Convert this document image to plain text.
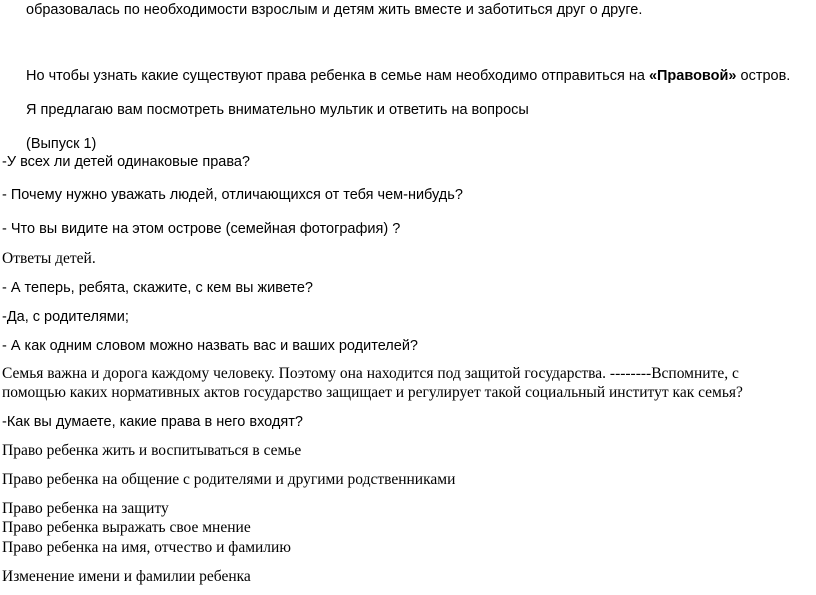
образовалась по необходимости взрослым и детям жить вместе и заботиться друг о друге.
Но чтобы узнать какие существуют права ребенка в семье нам необходимо отправиться на «Правовой» остров.
Я предлагаю вам посмотреть внимательно мультик и ответить на вопросы
(Выпуск 1)
-У всех ли детей одинаковые права?
- Почему нужно уважать людей, отличающихся от тебя чем-нибудь?
- Что вы видите на этом острове (семейная фотография) ?
Ответы детей.
- А теперь, ребята, скажите, с кем вы живете?
-Да, с родителями;
- А как одним словом можно назвать вас и ваших родителей?
Семья важна и дорога каждому человеку. Поэтому она находится под защитой государства. --------Вспомните, с
помощью каких нормативных актов государство защищает и регулирует такой социальный институт как семья?
-Как вы думаете, какие права в него входят?
Право ребенка жить и воспитываться в семье
Право ребенка на общение с родителями и другими родственниками
Право ребенка на защиту
Право ребенка выражать свое мнение
Право ребенка на имя, отчество и фамилию
Изменение имени и фамилии ребенка
